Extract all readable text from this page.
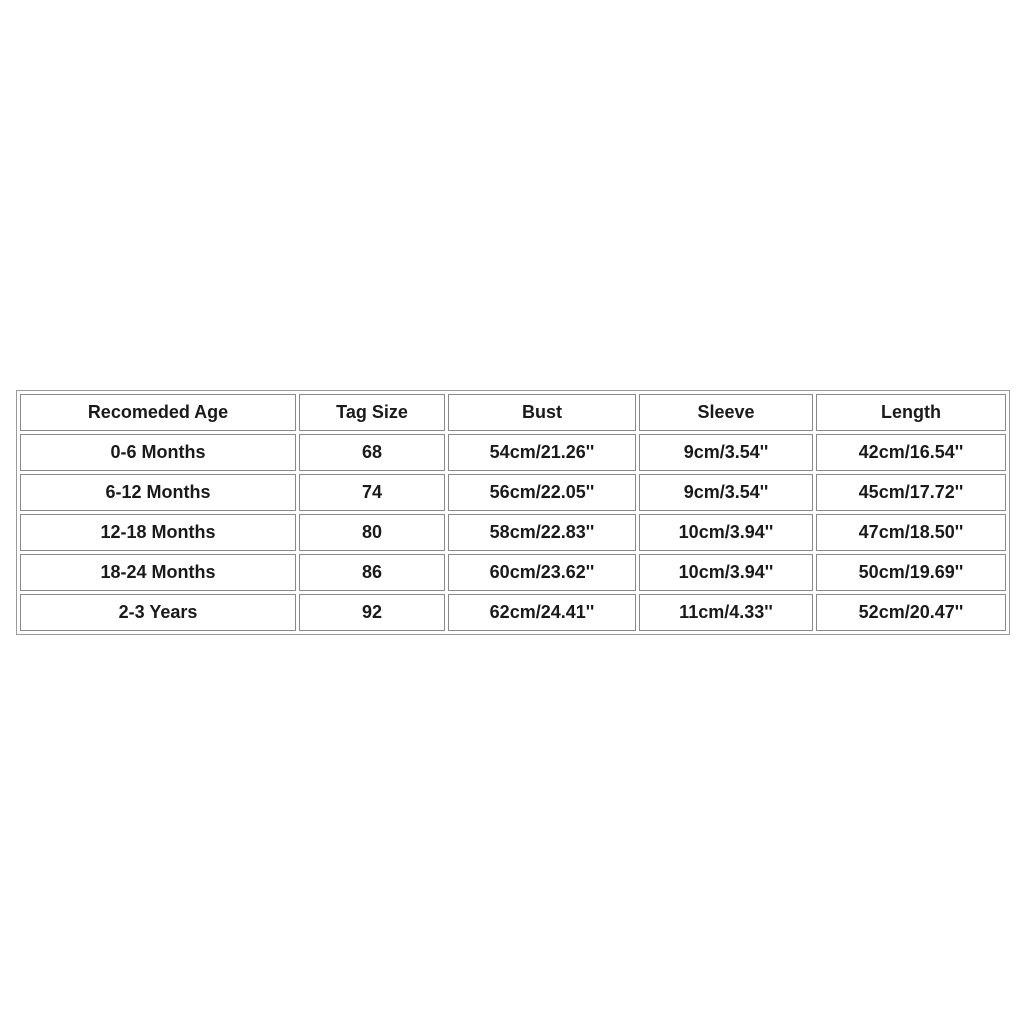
Recomeded Age	Tag Size	Bust	Sleeve	Length
0-6 Months	68	54cm/21.26''	9cm/3.54''	42cm/16.54''
6-12 Months	74	56cm/22.05''	9cm/3.54''	45cm/17.72''
12-18 Months	80	58cm/22.83''	10cm/3.94''	47cm/18.50''
18-24 Months	86	60cm/23.62''	10cm/3.94''	50cm/19.69''
2-3 Years	92	62cm/24.41''	11cm/4.33''	52cm/20.47''
